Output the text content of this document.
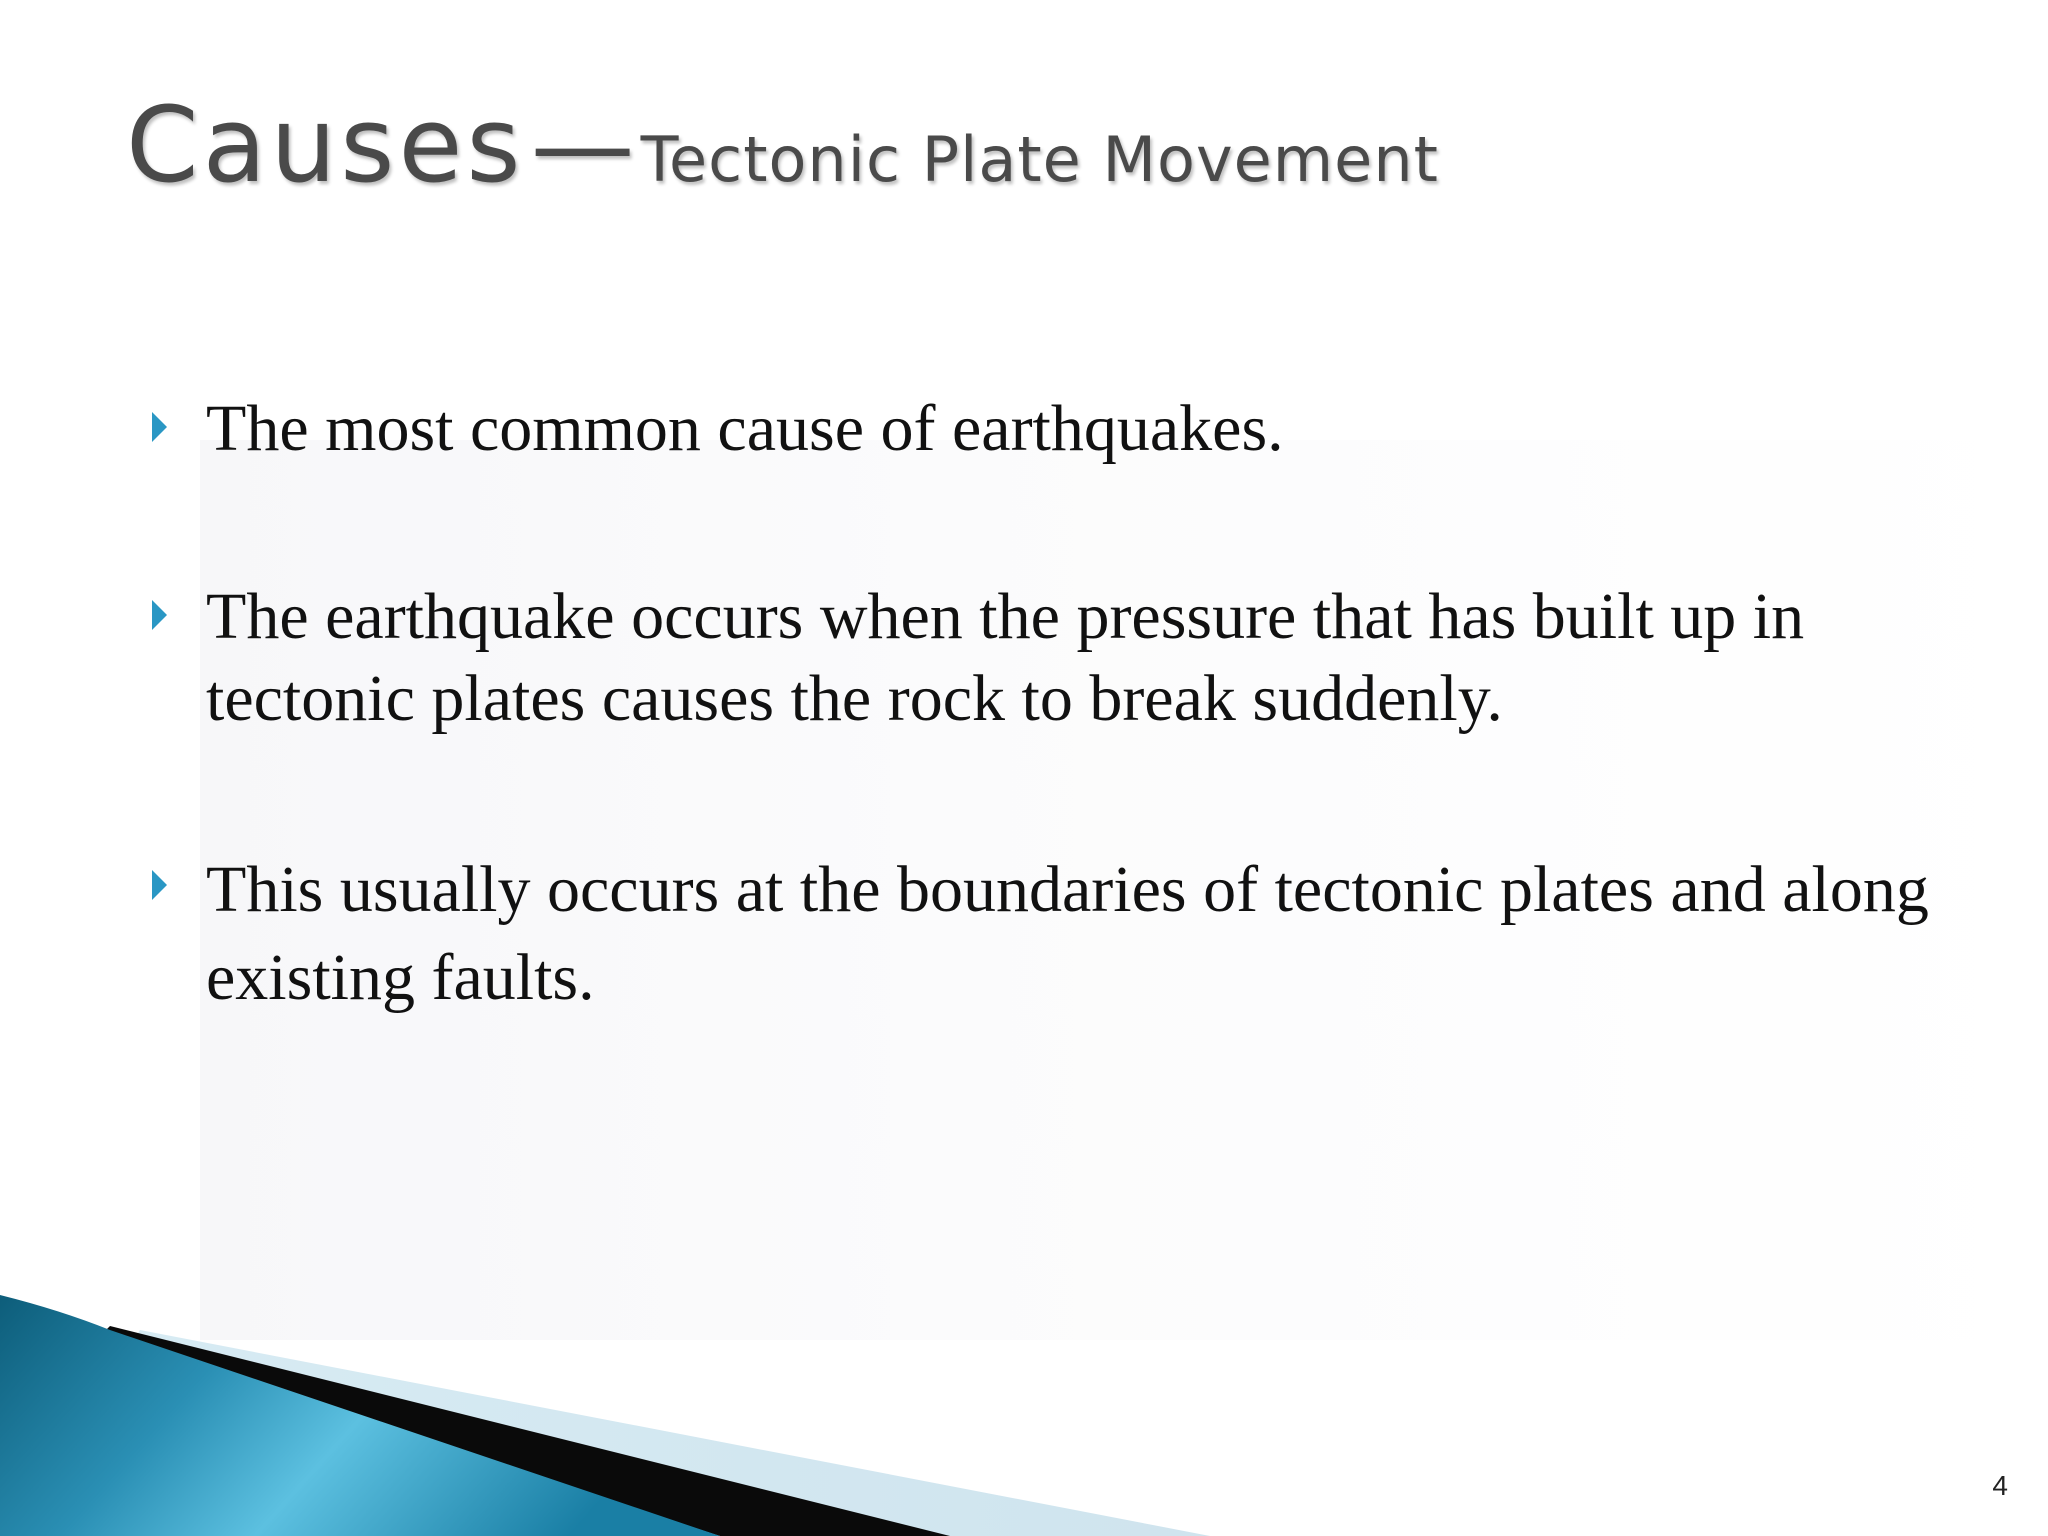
Causes—Tectonic Plate Movement
The most common cause of earthquakes.
The earthquake occurs when the pressure that has built up in tectonic plates causes the rock to break suddenly.
This usually occurs at the boundaries of tectonic plates and along existing faults.
4
